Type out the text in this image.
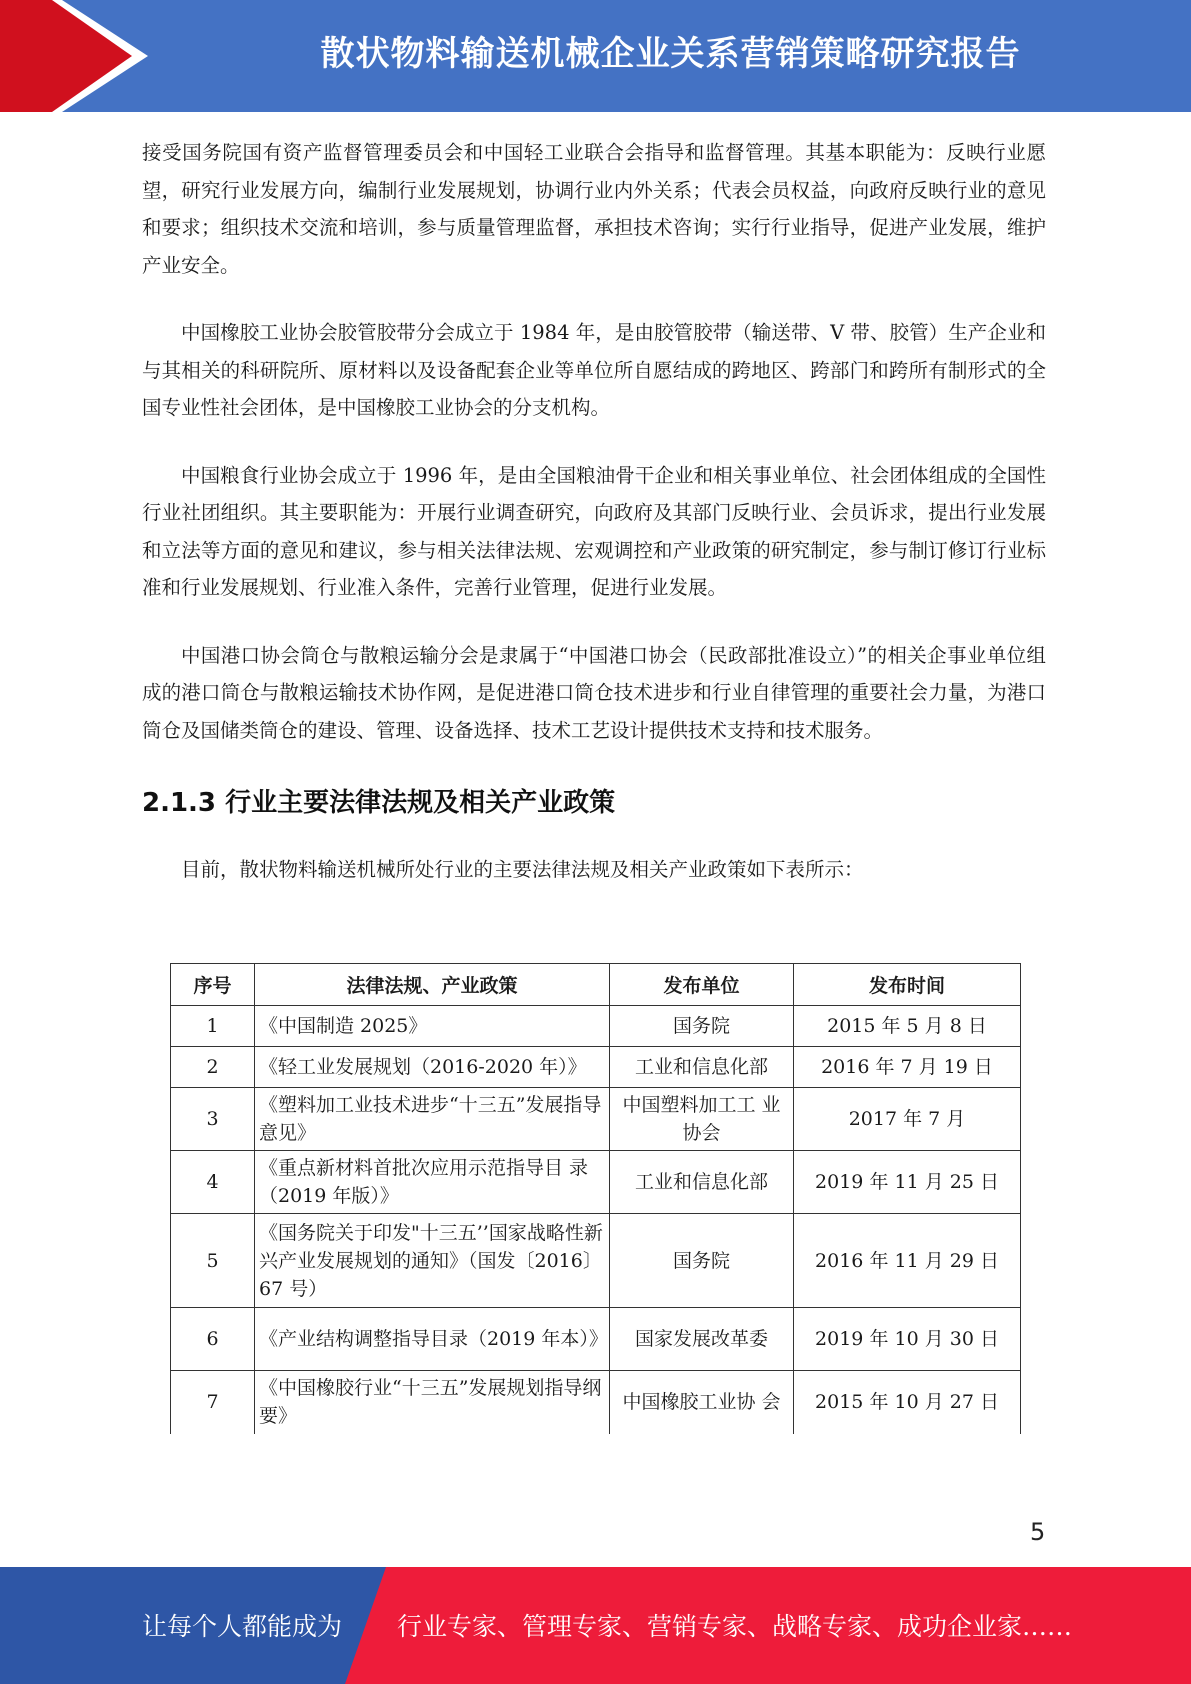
散状物料输送机械企业关系营销策略研究报告

接受国务院国有资产监督管理委员会和中国轻工业联合会指导和监督管理。其基本职能为：反映行业愿望，研究行业发展方向，编制行业发展规划，协调行业内外关系；代表会员权益，向政府反映行业的意见和要求；组织技术交流和培训，参与质量管理监督，承担技术咨询；实行行业指导，促进产业发展，维护产业安全。

中国橡胶工业协会胶管胶带分会成立于 1984 年，是由胶管胶带（输送带、V 带、胶管）生产企业和与其相关的科研院所、原材料以及设备配套企业等单位所自愿结成的跨地区、跨部门和跨所有制形式的全国专业性社会团体，是中国橡胶工业协会的分支机构。

中国粮食行业协会成立于 1996 年，是由全国粮油骨干企业和相关事业单位、社会团体组成的全国性行业社团组织。其主要职能为：开展行业调查研究，向政府及其部门反映行业、会员诉求，提出行业发展和立法等方面的意见和建议，参与相关法律法规、宏观调控和产业政策的研究制定，参与制订修订行业标准和行业发展规划、行业准入条件，完善行业管理，促进行业发展。

中国港口协会筒仓与散粮运输分会是隶属于“中国港口协会（民政部批准设立）”的相关企事业单位组成的港口筒仓与散粮运输技术协作网，是促进港口筒仓技术进步和行业自律管理的重要社会力量，为港口筒仓及国储类筒仓的建设、管理、设备选择、技术工艺设计提供技术支持和技术服务。

2.1.3 行业主要法律法规及相关产业政策

目前，散状物料输送机械所处行业的主要法律法规及相关产业政策如下表所示：

序号	法律法规、产业政策	发布单位	发布时间
1	《中国制造 2025》	国务院	2015 年 5 月 8 日
2	《轻工业发展规划（2016-2020 年）》	工业和信息化部	2016 年 7 月 19 日
3	《塑料加工业技术进步“十三五”发展指导意见》	中国塑料加工工 业协会	2017 年 7 月
4	《重点新材料首批次应用示范指导目 录（2019 年版）》	工业和信息化部	2019 年 11 月 25 日
5	《国务院关于印发"十三五’’国家战略性新兴产业发展规划的通知》（国发〔2016〕 67 号）	国务院	2016 年 11 月 29 日
6	《产业结构调整指导目录（2019 年本）》	国家发展改革委	2019 年 10 月 30 日
7	《中国橡胶行业“十三五”发展规划指导纲要》	中国橡胶工业协 会	2015 年 10 月 27 日
5
让每个人都能成为 行业专家、管理专家、营销专家、战略专家、成功企业家……
